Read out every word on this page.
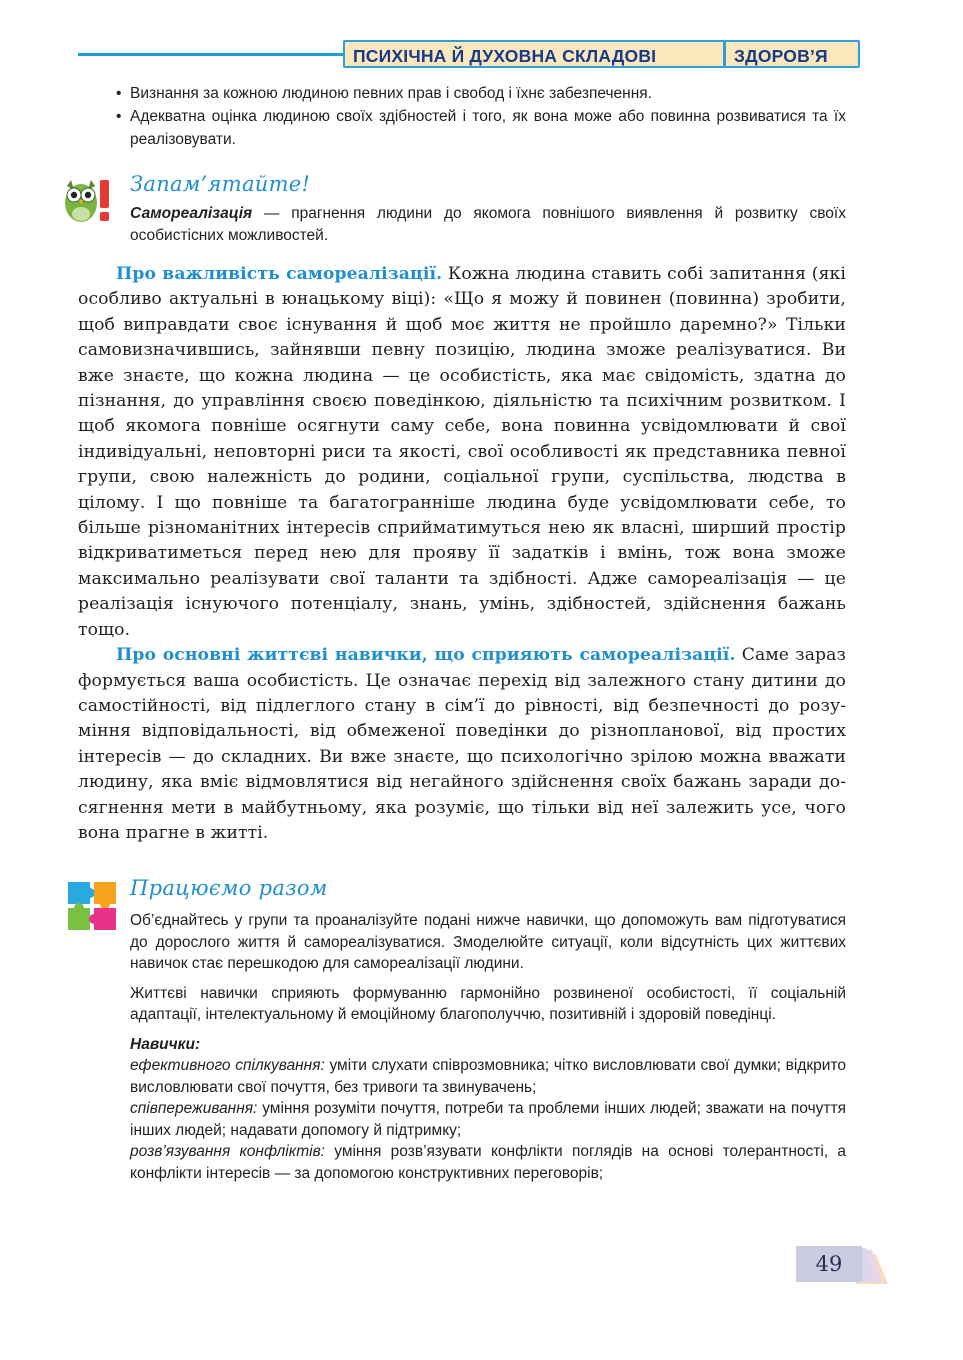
ПСИХІЧНА Й ДУХОВНА СКЛАДОВІ	ЗДОРОВ’Я
• Визнання за кожною людиною певних прав і свобод і їхнє забезпечення.
• Адекватна оцінка людиною своїх здібностей і того, як вона може або повинна розвиватися та їх реалізовувати.
Запам’ятайте!
Самореалізація — прагнення людини до якомога повнішого виявлення й розвитку своїх особистісних можливостей.

Про важливість самореалізації. Кожна людина ставить собі запитання (які особливо актуальні в юнацькому віці): «Що я можу й повинен (повинна) зробити, щоб виправдати своє існування й щоб моє життя не пройшло даремно?» Тільки самовизначившись, зайнявши певну позицію, людина зможе реалізуватися. Ви вже знаєте, що кожна людина — це особистість, яка має свідомість, здатна до пізнання, до управління своєю поведінкою, діяльністю та психічним розвитком. І щоб якомога повніше осягнути саму себе, вона повинна усвідомлювати й свої індивідуальні, неповторні риси та якості, свої особливості як представника певної групи, свою належність до родини, соціальної групи, суспільства, людства в цілому. І що повніше та багатогранніше людина буде усвідомлювати себе, то більше різноманітних інтересів сприйматимуться нею як власні, ширший простір відкриватиметься перед нею для прояву її задатків і вмінь, тож вона зможе максимально реалізувати свої таланти та здібності. Адже самореалізація — це реалізація існуючого потенціалу, знань, умінь, здібностей, здійснення бажань тощо.

Про основні життєві навички, що сприяють самореалізації. Саме зараз формується ваша особистість. Це означає перехід від залежного стану дитини до самостійності, від підлеглого стану в сім’ї до рівності, від безпечності до розуміння відповідальності, від обмеженої поведінки до різнопланової, від простих інтересів — до складних. Ви вже знаєте, що психологічно зрілою можна вважати людину, яка вміє відмовлятися від негайного здійснення своїх бажань заради досягнення мети в майбутньому, яка розуміє, що тільки від неї залежить усе, чого вона прагне в житті.

Працюємо разом

Об’єднайтесь у групи та проаналізуйте подані нижче навички, що допоможуть вам підготуватися до дорослого життя й самореалізуватися. Змоделюйте ситуації, коли відсутність цих життєвих навичок стає перешкодою для самореалізації людини.

Життєві навички сприяють формуванню гармонійно розвиненої особистості, її соціальній адаптації, інтелектуальному й емоційному благополуччю, позитивній і здоровій поведінці.

Навички:
ефективного спілкування: уміти слухати співрозмовника; чітко висловлювати свої думки; відкрито висловлювати свої почуття, без тривоги та звинувачень;
співпереживання: уміння розуміти почуття, потреби та проблеми інших людей; зважати на почуття інших людей; надавати допомогу й підтримку;
розв’язування конфліктів: уміння розв’язувати конфлікти поглядів на основі толерантності, а конфлікти інтересів — за допомогою конструктивних переговорів;
49
